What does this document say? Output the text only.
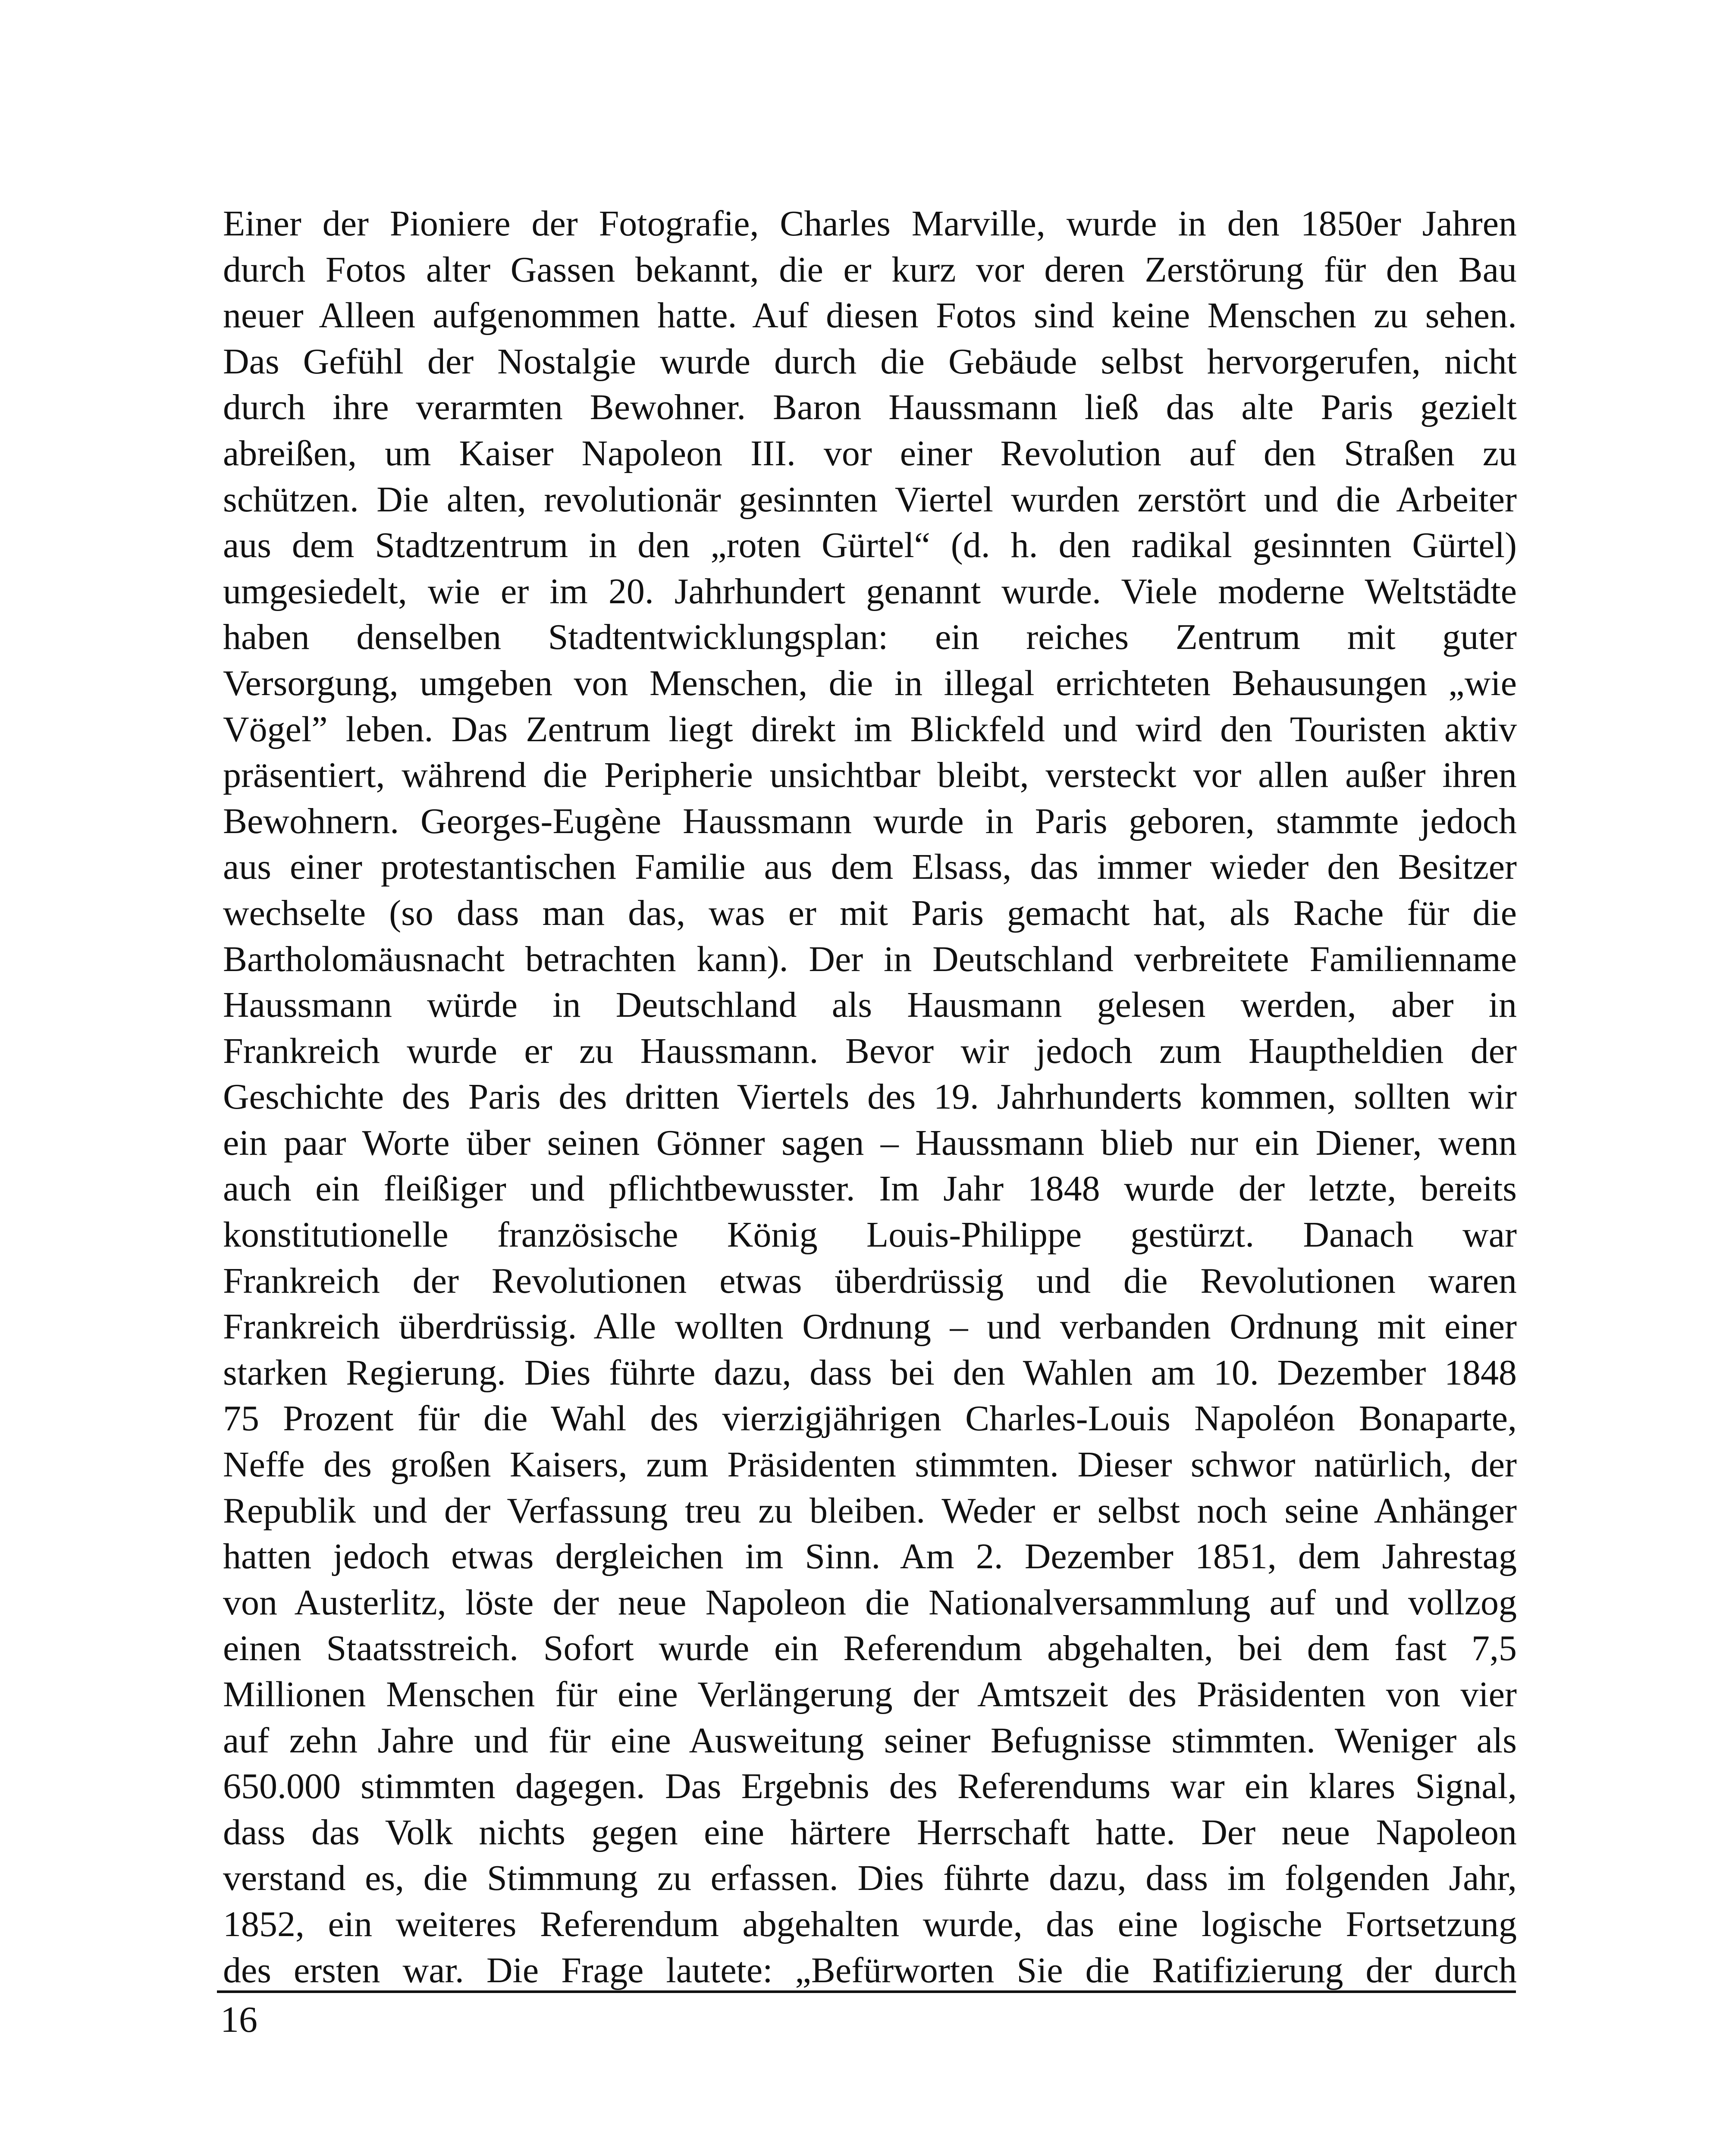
Einer der Pioniere der Fotografie, Charles Marville, wurde in den 1850er Jahren
durch Fotos alter Gassen bekannt, die er kurz vor deren Zerstörung für den Bau
neuer Alleen aufgenommen hatte. Auf diesen Fotos sind keine Menschen zu sehen.
Das Gefühl der Nostalgie wurde durch die Gebäude selbst hervorgerufen, nicht
durch ihre verarmten Bewohner. Baron Haussmann ließ das alte Paris gezielt
abreißen, um Kaiser Napoleon III. vor einer Revolution auf den Straßen zu
schützen. Die alten, revolutionär gesinnten Viertel wurden zerstört und die Arbeiter
aus dem Stadtzentrum in den „roten Gürtel“ (d. h. den radikal gesinnten Gürtel)
umgesiedelt, wie er im 20. Jahrhundert genannt wurde. Viele moderne Weltstädte
haben denselben Stadtentwicklungsplan: ein reiches Zentrum mit guter
Versorgung, umgeben von Menschen, die in illegal errichteten Behausungen „wie
Vögel” leben. Das Zentrum liegt direkt im Blickfeld und wird den Touristen aktiv
präsentiert, während die Peripherie unsichtbar bleibt, versteckt vor allen außer ihren
Bewohnern. Georges-Eugène Haussmann wurde in Paris geboren, stammte jedoch
aus einer protestantischen Familie aus dem Elsass, das immer wieder den Besitzer
wechselte (so dass man das, was er mit Paris gemacht hat, als Rache für die
Bartholomäusnacht betrachten kann). Der in Deutschland verbreitete Familienname
Haussmann würde in Deutschland als Hausmann gelesen werden, aber in
Frankreich wurde er zu Haussmann. Bevor wir jedoch zum Hauptheldien der
Geschichte des Paris des dritten Viertels des 19. Jahrhunderts kommen, sollten wir
ein paar Worte über seinen Gönner sagen – Haussmann blieb nur ein Diener, wenn
auch ein fleißiger und pflichtbewusster. Im Jahr 1848 wurde der letzte, bereits
konstitutionelle französische König Louis-Philippe gestürzt. Danach war
Frankreich der Revolutionen etwas überdrüssig und die Revolutionen waren
Frankreich überdrüssig. Alle wollten Ordnung – und verbanden Ordnung mit einer
starken Regierung. Dies führte dazu, dass bei den Wahlen am 10. Dezember 1848
75 Prozent für die Wahl des vierzigjährigen Charles-Louis Napoléon Bonaparte,
Neffe des großen Kaisers, zum Präsidenten stimmten. Dieser schwor natürlich, der
Republik und der Verfassung treu zu bleiben. Weder er selbst noch seine Anhänger
hatten jedoch etwas dergleichen im Sinn. Am 2. Dezember 1851, dem Jahrestag
von Austerlitz, löste der neue Napoleon die Nationalversammlung auf und vollzog
einen Staatsstreich. Sofort wurde ein Referendum abgehalten, bei dem fast 7,5
Millionen Menschen für eine Verlängerung der Amtszeit des Präsidenten von vier
auf zehn Jahre und für eine Ausweitung seiner Befugnisse stimmten. Weniger als
650.000 stimmten dagegen. Das Ergebnis des Referendums war ein klares Signal,
dass das Volk nichts gegen eine härtere Herrschaft hatte. Der neue Napoleon
verstand es, die Stimmung zu erfassen. Dies führte dazu, dass im folgenden Jahr,
1852, ein weiteres Referendum abgehalten wurde, das eine logische Fortsetzung
des ersten war. Die Frage lautete: „Befürworten Sie die Ratifizierung der durch

16
